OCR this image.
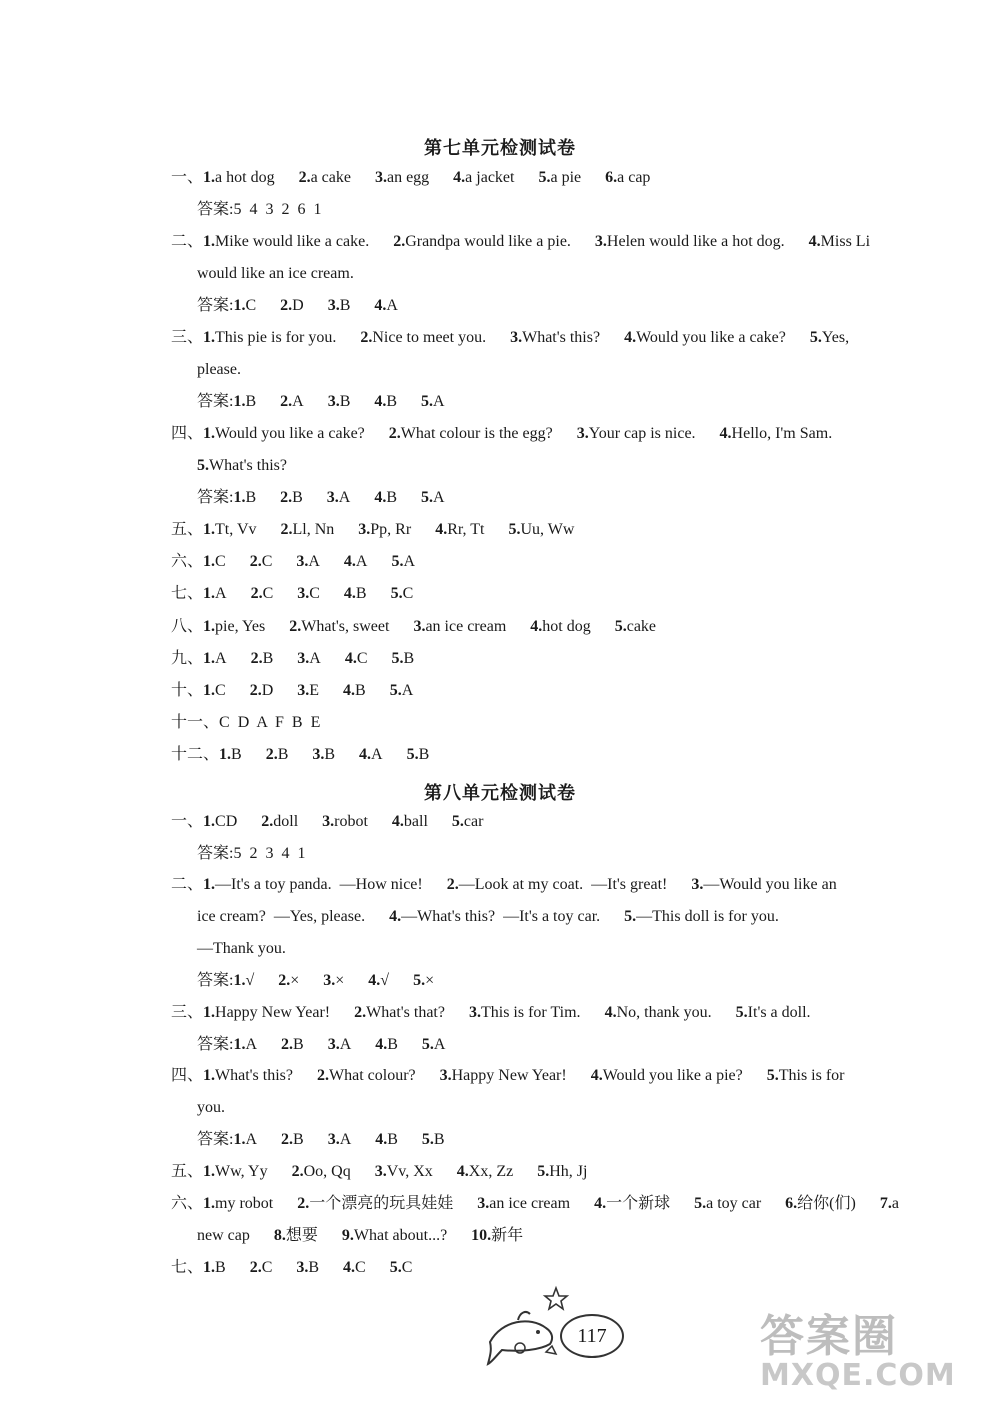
第七单元检测试卷
一、1.a hot dog 2.a cake 3.an egg 4.a jacket 5.a pie 6.a cap
答案:5  4  3  2  6  1
二、1.Mike would like a cake. 2.Grandpa would like a pie. 3.Helen would like a hot dog. 4.Miss Li
would like an ice cream.
答案:1.C 2.D 3.B 4.A
三、1.This pie is for you. 2.Nice to meet you. 3.What's this? 4.Would you like a cake? 5.Yes,
please.
答案:1.B 2.A 3.B 4.B 5.A
四、1.Would you like a cake? 2.What colour is the egg? 3.Your cap is nice. 4.Hello, I'm Sam.
5.What's this?
答案:1.B 2.B 3.A 4.B 5.A
五、1.Tt, Vv 2.Ll, Nn 3.Pp, Rr 4.Rr, Tt 5.Uu, Ww
六、1.C 2.C 3.A 4.A 5.A
七、1.A 2.C 3.C 4.B 5.C
八、1.pie, Yes 2.What's, sweet 3.an ice cream 4.hot dog 5.cake
九、1.A 2.B 3.A 4.C 5.B
十、1.C 2.D 3.E 4.B 5.A
十一、C  D  A  F  B  E
十二、1.B 2.B 3.B 4.A 5.B
第八单元检测试卷
一、1.CD 2.doll 3.robot 4.ball 5.car
答案:5  2  3  4  1
二、1.—It's a toy panda.  —How nice! 2.—Look at my coat.  —It's great! 3.—Would you like an
ice cream?  —Yes, please. 4.—What's this?  —It's a toy car. 5.—This doll is for you.
—Thank you.
答案:1.√ 2.× 3.× 4.√ 5.×
三、1.Happy New Year! 2.What's that? 3.This is for Tim. 4.No, thank you. 5.It's a doll.
答案:1.A 2.B 3.A 4.B 5.A
四、1.What's this? 2.What colour? 3.Happy New Year! 4.Would you like a pie? 5.This is for
you.
答案:1.A 2.B 3.A 4.B 5.B
五、1.Ww, Yy 2.Oo, Qq 3.Vv, Xx 4.Xx, Zz 5.Hh, Jj
六、1.my robot 2.一个漂亮的玩具娃娃 3.an ice cream 4.一个新球 5.a toy car 6.给你(们) 7.a
new cap 8.想要 9.What about...? 10.新年
七、1.B 2.C 3.B 4.C 5.C
117	答案圈
MXQE.COM
